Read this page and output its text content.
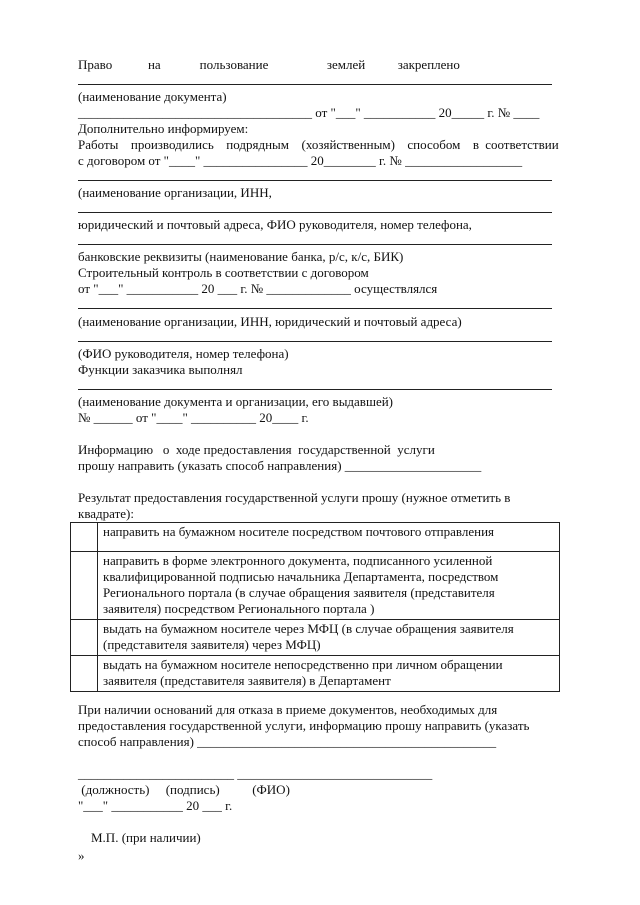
Право           на            пользование                  землей          закреплено
(наименование документа)
____________________________________ от "___" ___________ 20_____ г. № ____
Дополнительно информируем:
Работы  производились  подрядным  (хозяйственным)  способом  в соответствии
с договором от "____" ________________ 20________ г. № __________________
(наименование организации, ИНН,
юридический и почтовый адреса, ФИО руководителя, номер телефона,
банковские реквизиты (наименование банка, р/с, к/с, БИК)
Строительный контроль в соответствии с договором
от "___" ___________ 20 ___ г. № _____________ осуществлялся
(наименование организации, ИНН, юридический и почтовый адреса)
(ФИО руководителя, номер телефона)
Функции заказчика выполнял
(наименование документа и организации, его выдавшей)
№ ______ от "____" __________ 20____ г.
Информацию   о  ходе предоставления  государственной  услуги
прошу направить (указать способ направления) _____________________
Результат предоставления государственной услуги прошу (нужное отметить в
квадрате):
	направить на бумажном носителе посредством почтового отправления
	направить в форме электронного документа, подписанного усиленной квалифицированной подписью начальника Департамента, посредством Регионального портала (в случае обращения заявителя (представителя заявителя) посредством Регионального портала )
	выдать на бумажном носителе через МФЦ (в случае обращения заявителя (представителя заявителя) через МФЦ)
	выдать на бумажном носителе непосредственно при личном обращении заявителя (представителя заявителя) в Департамент
При наличии оснований для отказа в приеме документов, необходимых для
предоставления государственной услуги, информацию прошу направить (указать
способ направления) ______________________________________________
________________________ ______________________________
(должность)     (подпись)          (ФИО)
"___" ___________ 20 ___ г.
М.П. (при наличии)
»
